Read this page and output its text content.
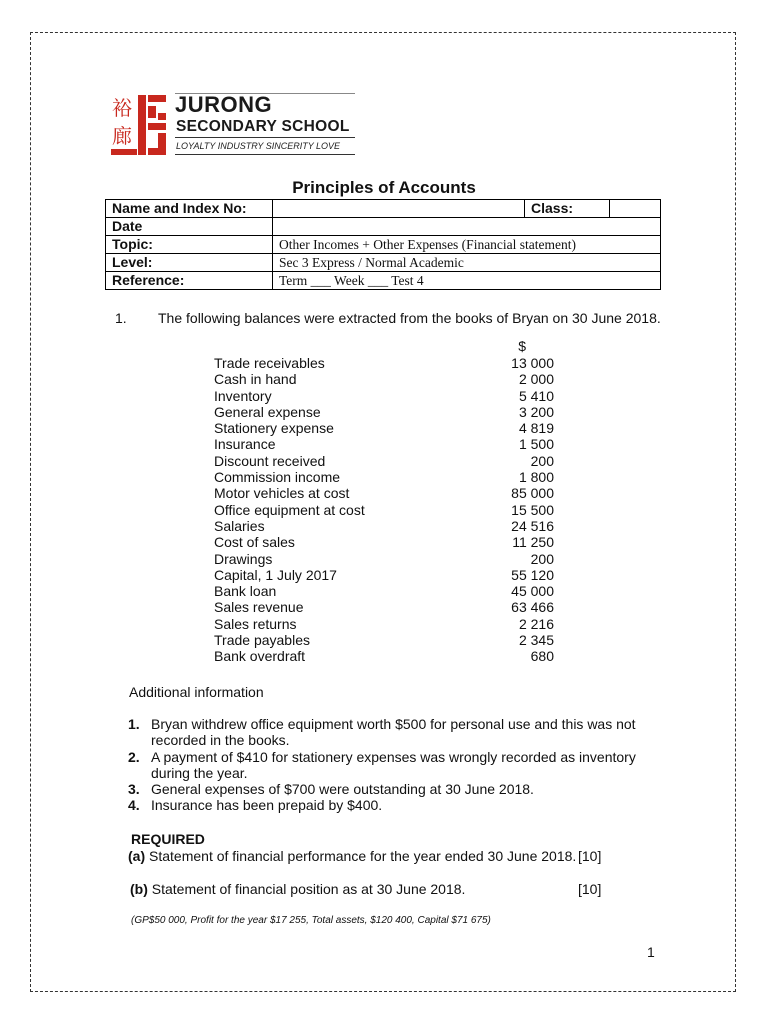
裕
廊
JURONG
SECONDARY SCHOOL
LOYALTY INDUSTRY SINCERITY LOVE
Principles of Accounts
Name and Index No:		Class:	
Date			
Topic:	Other Incomes + Other Expenses (Financial statement)		
Level:	Sec 3 Express / Normal Academic		
Reference:	Term ___ Week ___ Test 4		
1. The following balances were extracted from the books of Bryan on 30 June 2018.
$
Trade receivables	13 000
Cash in hand	2 000
Inventory	5 410
General expense	3 200
Stationery expense	4 819
Insurance	1 500
Discount received	200
Commission income	1 800
Motor vehicles at cost	85 000
Office equipment at cost	15 500
Salaries	24 516
Cost of sales	11 250
Drawings	200
Capital, 1 July 2017	55 120
Bank loan	45 000
Sales revenue	63 466
Sales returns	2 216
Trade payables	2 345
Bank overdraft	680
Additional information
1. Bryan withdrew office equipment worth $500 for personal use and this was not recorded in the books.
2. A payment of $410 for stationery expenses was wrongly recorded as inventory during the year.
3. General expenses of $700 were outstanding at 30 June 2018.
4. Insurance has been prepaid by $400.
REQUIRED
(a) Statement of financial performance for the year ended 30 June 2018. [10]
(b) Statement of financial position as at 30 June 2018.	[10]
(GP$50 000, Profit for the year $17 255, Total assets, $120 400, Capital $71 675)
1
